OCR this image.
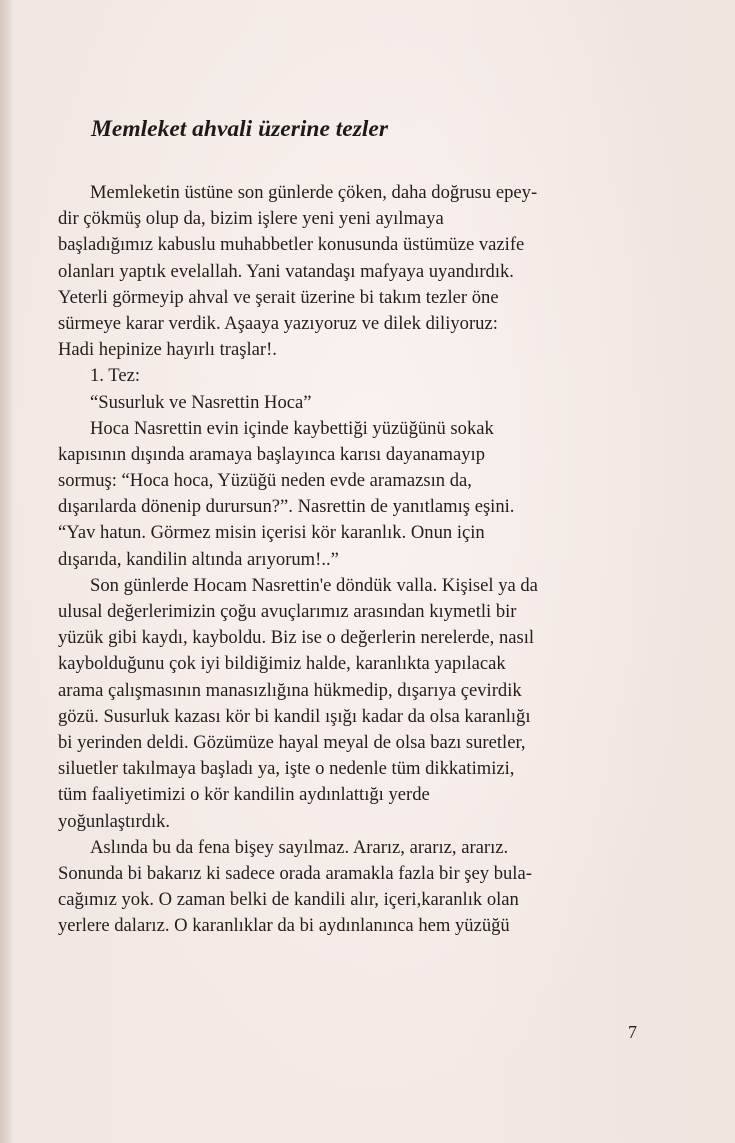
Memleket ahvali üzerine tezler
Memleketin üstüne son günlerde çöken, daha doğrusu epey-
dir çökmüş olup da, bizim işlere yeni yeni ayılmaya
başladığımız kabuslu muhabbetler konusunda üstümüze vazife
olanları yaptık evelallah. Yani vatandaşı mafyaya uyandırdık.
Yeterli görmeyip ahval ve şerait üzerine bi takım tezler öne
sürmeye karar verdik. Aşaaya yazıyoruz ve dilek diliyoruz:
Hadi hepinize hayırlı traşlar!.
1. Tez:
“Susurluk ve Nasrettin Hoca”
Hoca Nasrettin evin içinde kaybettiği yüzüğünü sokak
kapısının dışında aramaya başlayınca karısı dayanamayıp
sormuş: “Hoca hoca, Yüzüğü neden evde aramazsın da,
dışarılarda dönenip durursun?”. Nasrettin de yanıtlamış eşini.
“Yav hatun. Görmez misin içerisi kör karanlık. Onun için
dışarıda, kandilin altında arıyorum!..”
Son günlerde Hocam Nasrettin'e döndük valla. Kişisel ya da
ulusal değerlerimizin çoğu avuçlarımız arasından kıymetli bir
yüzük gibi kaydı, kayboldu. Biz ise o değerlerin nerelerde, nasıl
kaybolduğunu çok iyi bildiğimiz halde, karanlıkta yapılacak
arama çalışmasının manasızlığına hükmedip, dışarıya çevirdik
gözü. Susurluk kazası kör bi kandil ışığı kadar da olsa karanlığı
bi yerinden deldi. Gözümüze hayal meyal de olsa bazı suretler,
siluetler takılmaya başladı ya, işte o nedenle tüm dikkatimizi,
tüm faaliyetimizi o kör kandilin aydınlattığı yerde
yoğunlaştırdık.
Aslında bu da fena bişey sayılmaz. Ararız, ararız, ararız.
Sonunda bi bakarız ki sadece orada aramakla fazla bir şey bula-
cağımız yok. O zaman belki de kandili alır, içeri,karanlık olan
yerlere dalarız. O karanlıklar da bi aydınlanınca hem yüzüğü
7
